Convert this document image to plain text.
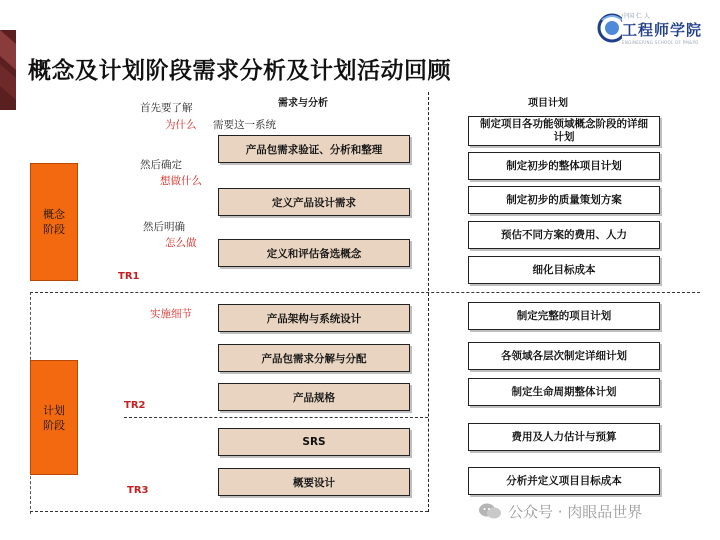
概念及计划阶段需求分析及计划活动回顾
中国 仁 人
工程师学院
ENGINEERING SCHOOL OF PM&PD
需求与分析	项目计划
概念
阶段
计划
阶段
首先要了解
为什么 需要这一系统
然后确定
想做什么
然后明确
怎么做
实施细节
TR1
TR2
TR3
产品包需求验证、分析和整理
定义产品设计需求
定义和评估备选概念
产品架构与系统设计
产品包需求分解与分配
产品规格
SRS
概要设计
制定项目各功能领域概念阶段的详细计划
制定初步的整体项目计划
制定初步的质量策划方案
预估不同方案的费用、人力
细化目标成本
制定完整的项目计划
各领域各层次制定详细计划
制定生命周期整体计划
费用及人力估计与预算
分析并定义项目目标成本
公众号 · 肉眼品世界
